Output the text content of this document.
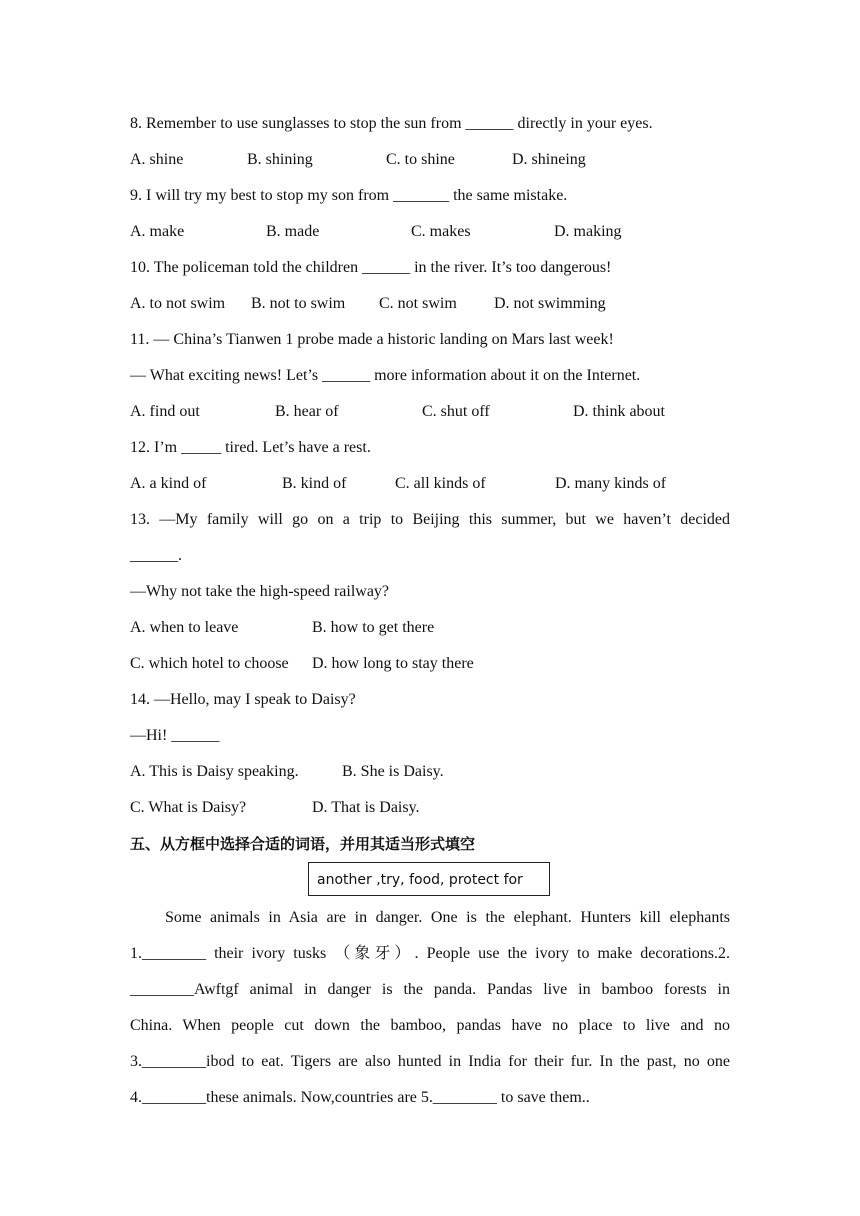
8. Remember to use sunglasses to stop the sun from ______ directly in your eyes.
A. shine	B. shining	C. to shine	D. shineing
9. I will try my best to stop my son from _______ the same mistake.
A. make	B. made	C. makes	D. making
10. The policeman told the children ______ in the river. It’s too dangerous!
A. to not swim B. not to swim C. not swim D. not swimming
11. — China’s Tianwen 1 probe made a historic landing on Mars last week!
— What exciting news! Let’s ______ more information about it on the Internet.
A. find out	B. hear of	C. shut off	D. think about
12. I’m _____ tired. Let’s have a rest.
A. a kind of	B. kind of	C. all kinds of	D. many kinds of
13. —My family will go on a trip to Beijing this summer, but we haven’t decided
______.
—Why not take the high-speed railway?
A. when to leave	B. how to get there
C. which hotel to choose D. how long to stay there
14. —Hello, may I speak to Daisy?
—Hi! ______
A. This is Daisy speaking.	B. She is Daisy.
C. What is Daisy?	D. That is Daisy.
五、从方框中选择合适的词语，并用其适当形式填空
another ,try, food, protect for
Some animals in Asia are in danger. One is the elephant. Hunters kill elephants
1.________ their ivory tusks （象牙）. People use the ivory to make decorations.2.
________Awftgf animal in danger is the panda. Pandas live in bamboo forests in
China. When people cut down the bamboo, pandas have no place to live and no
3.________ibod to eat. Tigers are also hunted in India for their fur. In the past, no one
4.________these animals. Now,countries are 5.________ to save them..
